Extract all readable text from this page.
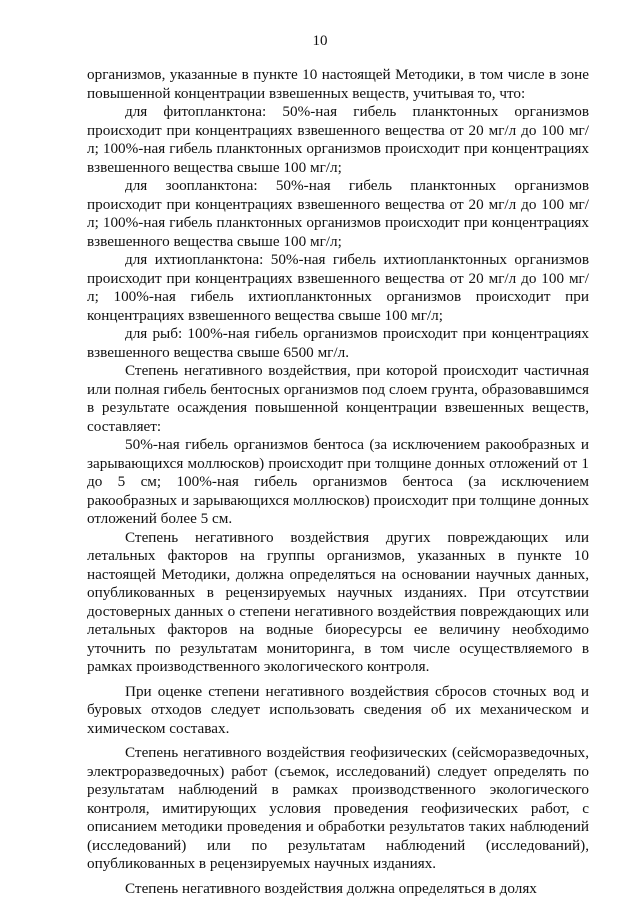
10

организмов, указанные в пункте 10 настоящей Методики, в том числе в зоне повышенной концентрации взвешенных веществ, учитывая то, что:

для фитопланктона: 50%-ная гибель планктонных организмов происходит при концентрациях взвешенного вещества от 20 мг/л до 100 мг/л; 100%-ная гибель планктонных организмов происходит при концентрациях взвешенного вещества свыше 100 мг/л;

для зоопланктона: 50%-ная гибель планктонных организмов происходит при концентрациях взвешенного вещества от 20 мг/л до 100 мг/л; 100%-ная гибель планктонных организмов происходит при концентрациях взвешенного вещества свыше 100 мг/л;

для ихтиопланктона: 50%-ная гибель ихтиопланктонных организмов происходит при концентрациях взвешенного вещества от 20 мг/л до 100 мг/л; 100%-ная гибель ихтиопланктонных организмов происходит при концентрациях взвешенного вещества свыше 100 мг/л;

для рыб: 100%-ная гибель организмов происходит при концентрациях взвешенного вещества свыше 6500 мг/л.

Степень негативного воздействия, при которой происходит частичная или полная гибель бентосных организмов под слоем грунта, образовавшимся в результате осаждения повышенной концентрации взвешенных веществ, составляет:

50%-ная гибель организмов бентоса (за исключением ракообразных и зарывающихся моллюсков) происходит при толщине донных отложений от 1 до 5 см; 100%-ная гибель организмов бентоса (за исключением ракообразных и зарывающихся моллюсков) происходит при толщине донных отложений более 5 см.

Степень негативного воздействия других повреждающих или летальных факторов на группы организмов, указанных в пункте 10 настоящей Методики, должна определяться на основании научных данных, опубликованных в рецензируемых научных изданиях. При отсутствии достоверных данных о степени негативного воздействия повреждающих или летальных факторов на водные биоресурсы ее величину необходимо уточнить по результатам мониторинга, в том числе осуществляемого в рамках производственного экологического контроля.

При оценке степени негативного воздействия сбросов сточных вод и буровых отходов следует использовать сведения об их механическом и химическом составах.

Степень негативного воздействия геофизических (сейсморазведочных, электроразведочных) работ (съемок, исследований) следует определять по результатам наблюдений в рамках производственного экологического контроля, имитирующих условия проведения геофизических работ, с описанием методики проведения и обработки результатов таких наблюдений (исследований) или по результатам наблюдений (исследований), опубликованных в рецензируемых научных изданиях.

Степень негативного воздействия должна определяться в долях
